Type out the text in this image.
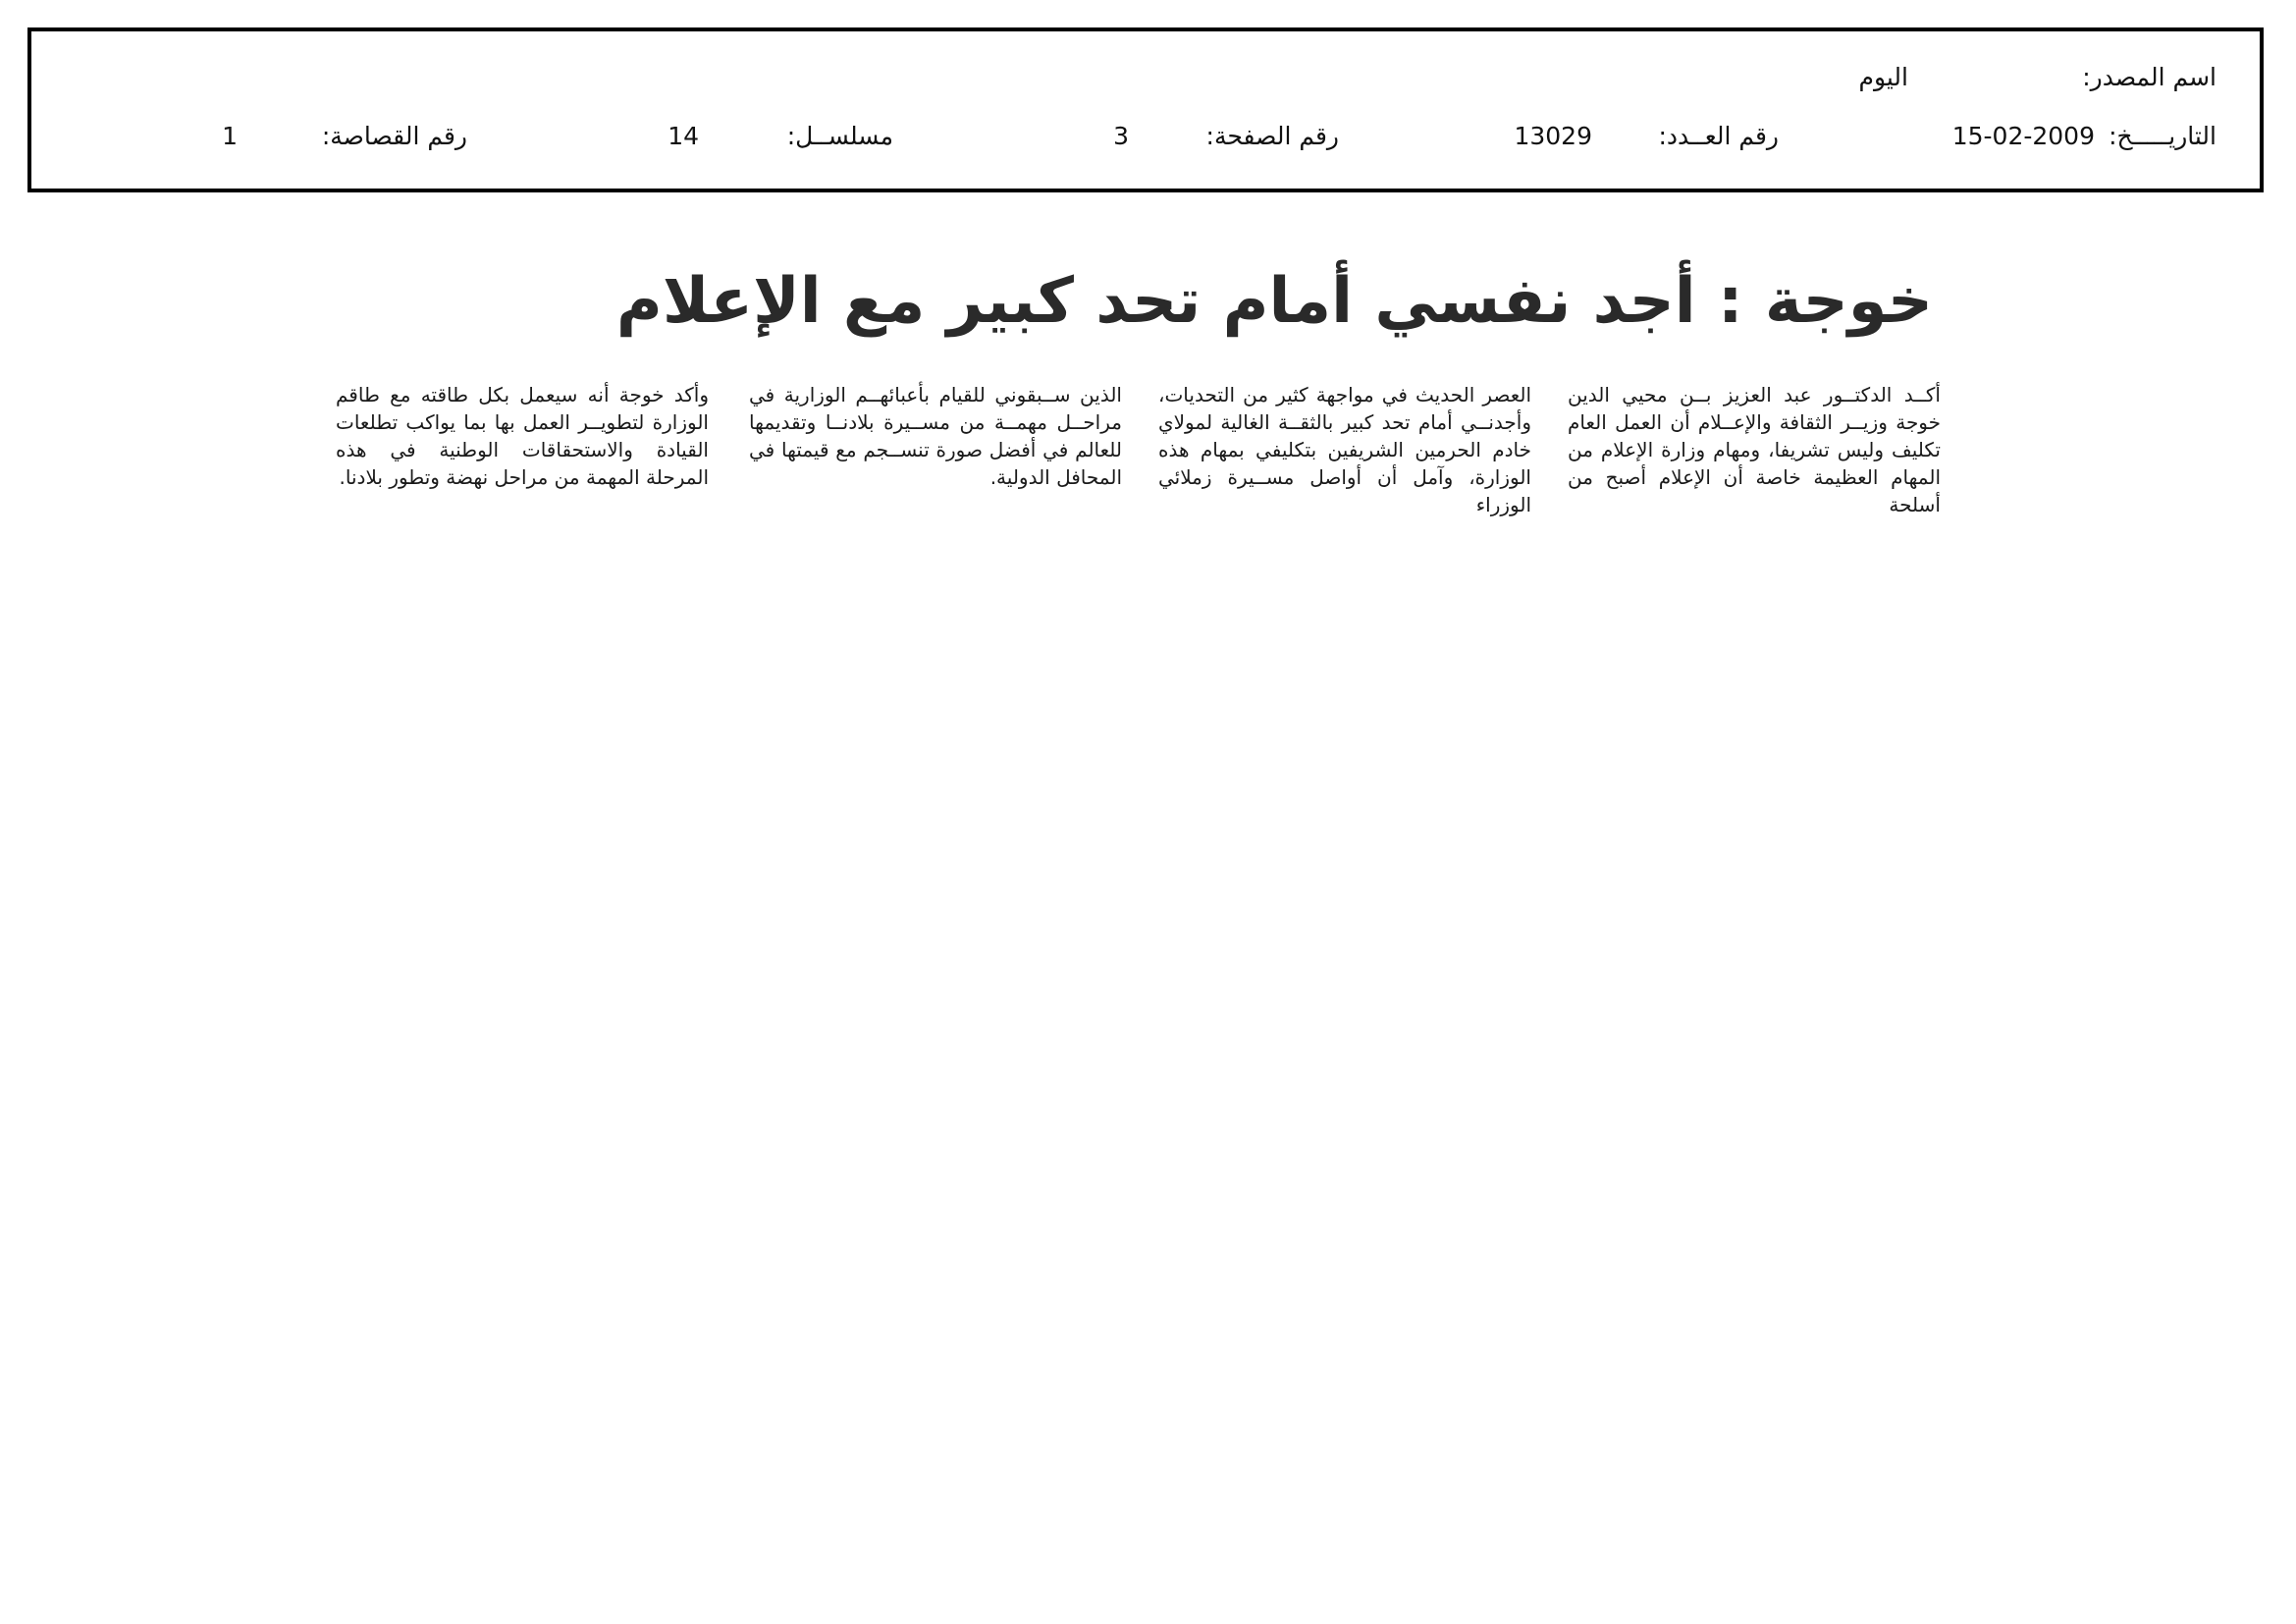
اسم المصدر:
اليوم
التاريـــــخ:
15-02-2009
رقم العــدد:
13029
رقم الصفحة:
3
مسلســل:
14
رقم القصاصة:
1
خوجة : أجد نفسي أمام تحد كبير مع الإعلام
أكــد الدكتــور عبد العزيز بــن محيي الدين خوجة وزيــر الثقافة والإعــلام أن العمل العام تكليف وليس تشريفا، ومهام وزارة الإعلام من المهام العظيمة خاصة أن الإعلام أصبح من أسلحة
العصر الحديث في مواجهة كثير من التحديات، وأجدنــي أمام تحد كبير بالثقــة الغالية لمولاي خادم الحرمين الشريفين بتكليفي بمهام هذه الوزارة، وآمل أن أواصل مســيرة زملائي الوزراء
الذين ســبقوني للقيام بأعبائهــم الوزارية في مراحــل مهمــة من مســيرة بلادنــا وتقديمها للعالم في أفضل صورة تنســجم مع قيمتها في المحافل الدولية.
وأكد خوجة أنه سيعمل بكل طاقته مع طاقم الوزارة لتطويــر العمل بها بما يواكب تطلعات القيادة والاستحقاقات الوطنية في هذه المرحلة المهمة من مراحل نهضة وتطور بلادنا.
